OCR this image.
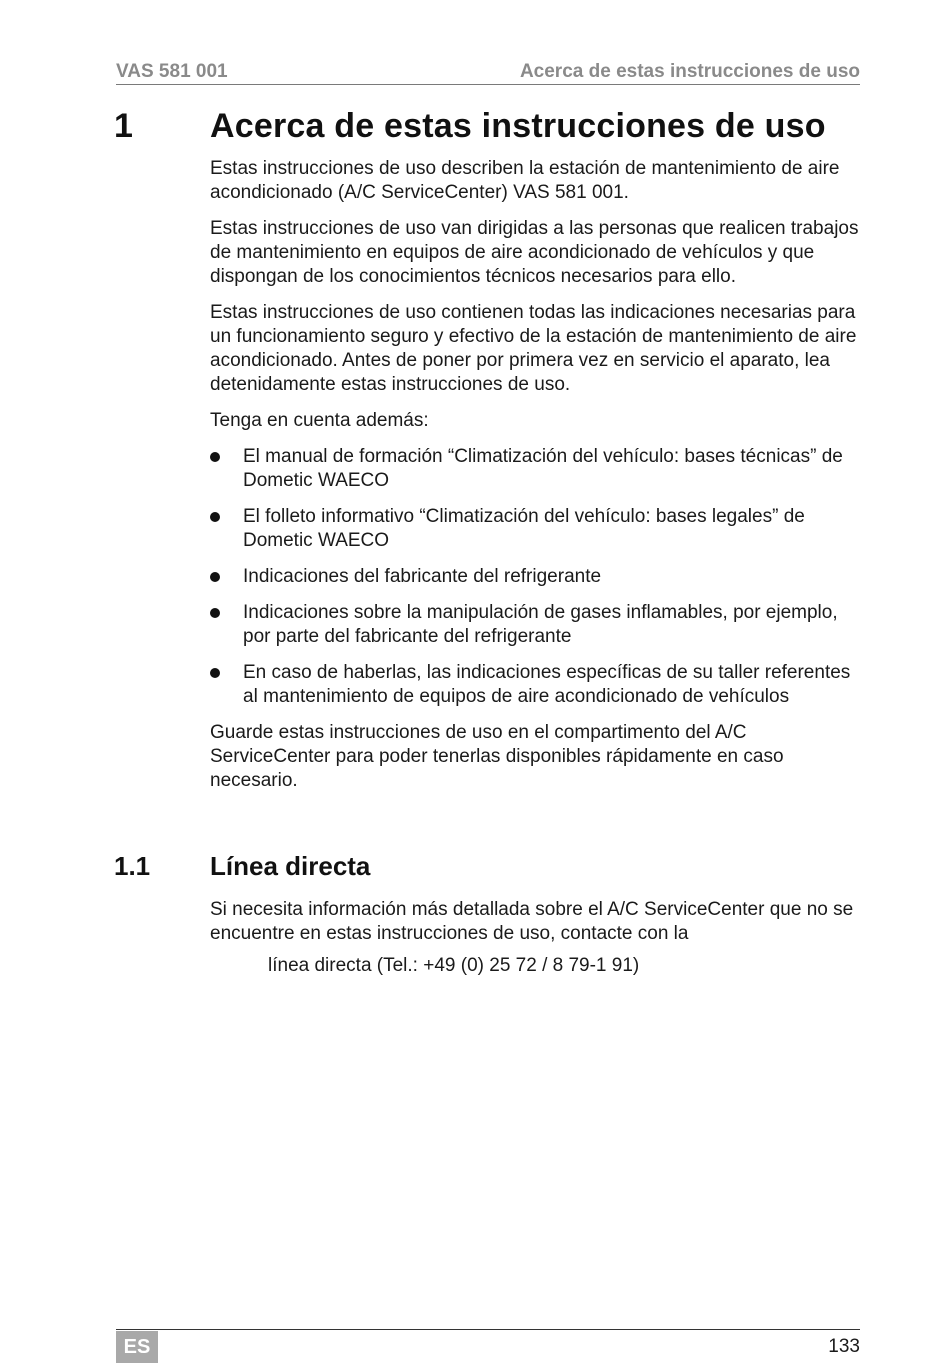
VAS 581 001	Acerca de estas instrucciones de uso
1 Acerca de estas instrucciones de uso

Estas instrucciones de uso describen la estación de mantenimiento de aire acondicionado (A/C ServiceCenter) VAS 581 001.

Estas instrucciones de uso van dirigidas a las personas que realicen trabajos de mantenimiento en equipos de aire acondicionado de vehículos y que dispongan de los conocimientos técnicos necesarios para ello.

Estas instrucciones de uso contienen todas las indicaciones necesarias para un funcionamiento seguro y efectivo de la estación de mantenimiento de aire acondicionado. Antes de poner por primera vez en servicio el aparato, lea detenidamente estas instrucciones de uso.

Tenga en cuenta además:

El manual de formación “Climatización del vehículo: bases técnicas” de Dometic WAECO
El folleto informativo “Climatización del vehículo: bases legales” de Dometic WAECO
Indicaciones del fabricante del refrigerante
Indicaciones sobre la manipulación de gases inflamables, por ejemplo, por parte del fabricante del refrigerante
En caso de haberlas, las indicaciones específicas de su taller referentes al mantenimiento de equipos de aire acondicionado de vehículos

Guarde estas instrucciones de uso en el compartimento del A/C ServiceCenter para poder tenerlas disponibles rápidamente en caso necesario.

1.1 Línea directa

Si necesita información más detallada sobre el A/C ServiceCenter que no se encuentre en estas instrucciones de uso, contacte con la

línea directa (Tel.: +49 (0) 25 72 / 8 79-1 91)

ES	133
